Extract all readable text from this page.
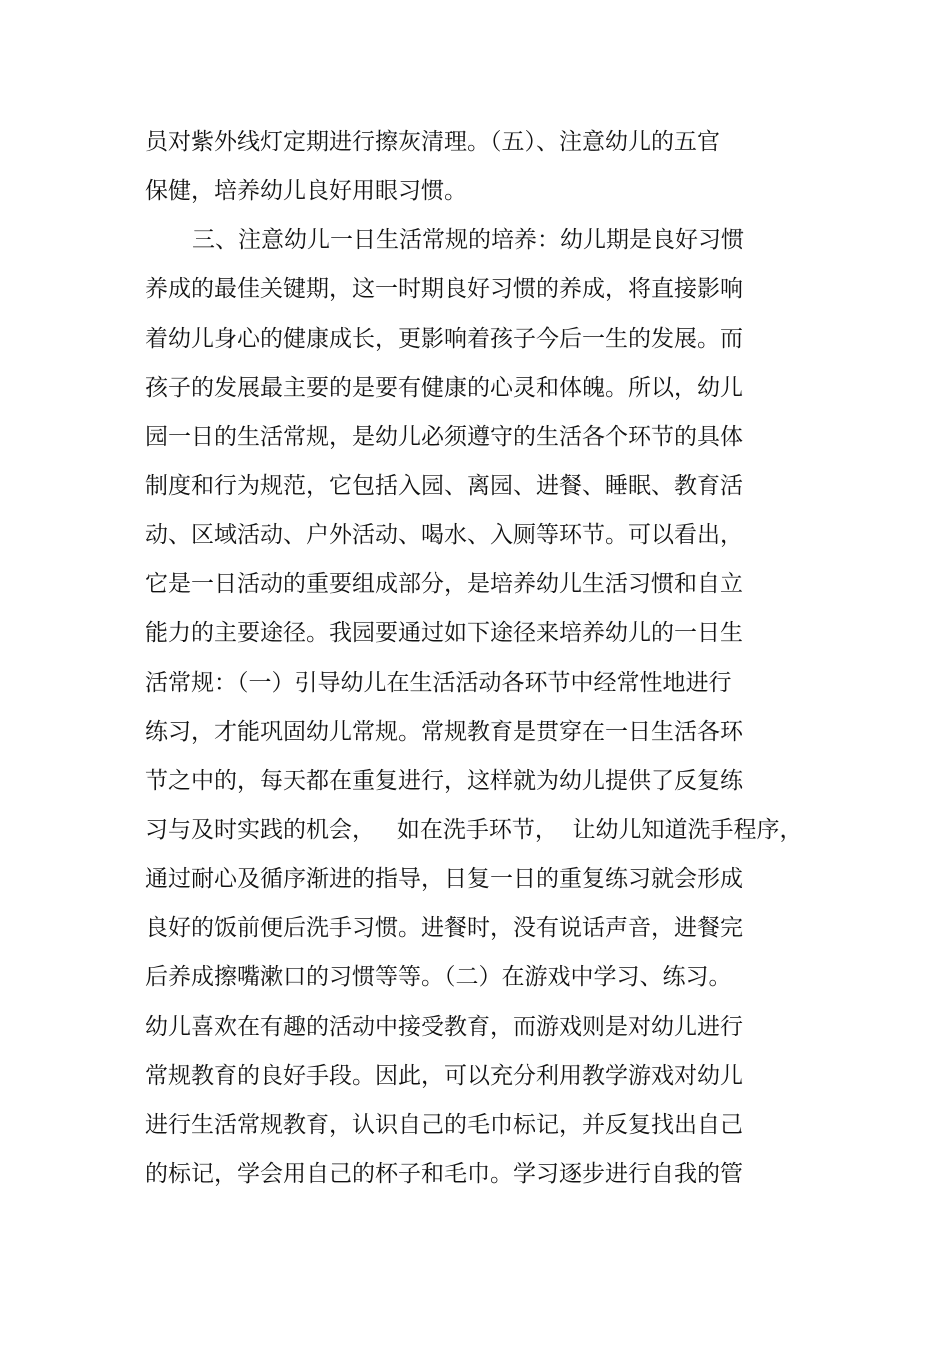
员对紫外线灯定期进行擦灰清理。（五）、注意幼儿的五官
保健，培养幼儿良好用眼习惯。
三、注意幼儿一日生活常规的培养：幼儿期是良好习惯
养成的最佳关键期，这一时期良好习惯的养成，将直接影响
着幼儿身心的健康成长，更影响着孩子今后一生的发展。而
孩子的发展最主要的是要有健康的心灵和体魄。所以，幼儿
园一日的生活常规，是幼儿必须遵守的生活各个环节的具体
制度和行为规范，它包括入园、离园、进餐、睡眠、教育活
动、区域活动、户外活动、喝水、入厕等环节。可以看出，
它是一日活动的重要组成部分，是培养幼儿生活习惯和自立
能力的主要途径。我园要通过如下途径来培养幼儿的一日生
活常规：（一）引导幼儿在生活活动各环节中经常性地进行
练习，才能巩固幼儿常规。常规教育是贯穿在一日生活各环
节之中的，每天都在重复进行，这样就为幼儿提供了反复练
习与及时实践的机会，   如在洗手环节，  让幼儿知道洗手程序，
通过耐心及循序渐进的指导，日复一日的重复练习就会形成
良好的饭前便后洗手习惯。进餐时，没有说话声音，进餐完
后养成擦嘴漱口的习惯等等。（二）在游戏中学习、练习。
幼儿喜欢在有趣的活动中接受教育，而游戏则是对幼儿进行
常规教育的良好手段。因此，可以充分利用教学游戏对幼儿
进行生活常规教育，认识自己的毛巾标记，并反复找出自己
的标记，学会用自己的杯子和毛巾。学习逐步进行自我的管
